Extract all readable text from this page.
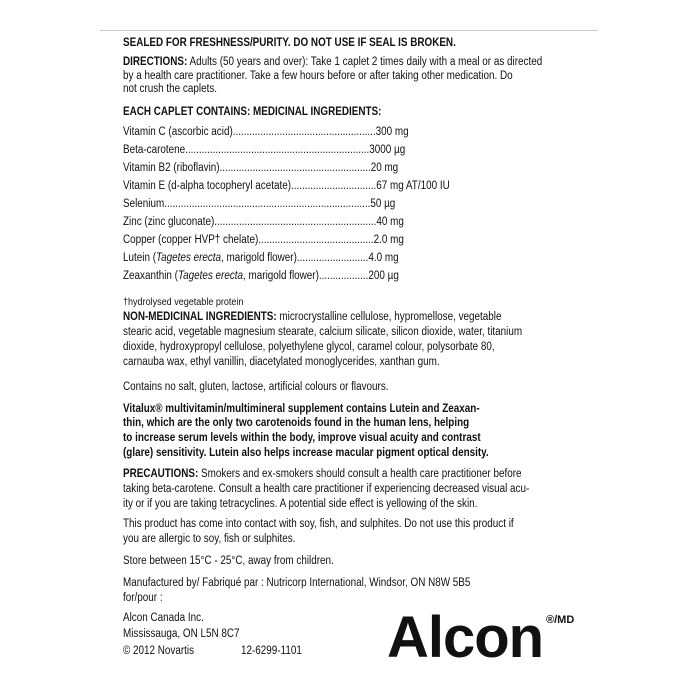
SEALED FOR FRESHNESS/PURITY. DO NOT USE IF SEAL IS BROKEN.
DIRECTIONS: Adults (50 years and over): Take 1 caplet 2 times daily with a meal or as directed
by a health care practitioner. Take a few hours before or after taking other medication. Do
not crush the caplets.
EACH CAPLET CONTAINS: MEDICINAL INGREDIENTS:
Vitamin C (ascorbic acid) .................................................... 300 mg
Beta-carotene ................................................................... 3000 µg
Vitamin B2 (riboflavin) ....................................................... 20 mg
Vitamin E (d-alpha tocopheryl acetate) ............................... 67 mg AT/100 IU
Selenium ........................................................................... 50 µg
Zinc (zinc gluconate) ........................................................... 40 mg
Copper (copper HVP† chelate) .......................................... 2.0 mg
Lutein ( Tagetes erecta , marigold flower) .......................... 4.0 mg
Zeaxanthin ( Tagetes erecta , marigold flower) .................. 200 µg
†hydrolysed vegetable protein
NON-MEDICINAL INGREDIENTS: microcrystalline cellulose, hypromellose, vegetable
stearic acid, vegetable magnesium stearate, calcium silicate, silicon dioxide, water, titanium
dioxide, hydroxypropyl cellulose, polyethylene glycol, caramel colour, polysorbate 80,
carnauba wax, ethyl vanillin, diacetylated monoglycerides, xanthan gum.
Contains no salt, gluten, lactose, artificial colours or flavours.
Vitalux® multivitamin/multimineral supplement contains Lutein and Zeaxan-
thin, which are the only two carotenoids found in the human lens, helping
to increase serum levels within the body, improve visual acuity and contrast
(glare) sensitivity. Lutein also helps increase macular pigment optical density.
PRECAUTIONS: Smokers and ex-smokers should consult a health care practitioner before
taking beta-carotene. Consult a health care practitioner if experiencing decreased visual acu-
ity or if you are taking tetracyclines. A potential side effect is yellowing of the skin.
This product has come into contact with soy, fish, and sulphites. Do not use this product if
you are allergic to soy, fish or sulphites.
Store between 15°C - 25°C, away from children.
Manufactured by/ Fabriqué par : Nutricorp International, Windsor, ON N8W 5B5
for/pour :
Alcon Canada Inc.
Mississauga, ON L5N 8C7
© 2012 Novartis	12-6299-1101	Alcon ®/MD
